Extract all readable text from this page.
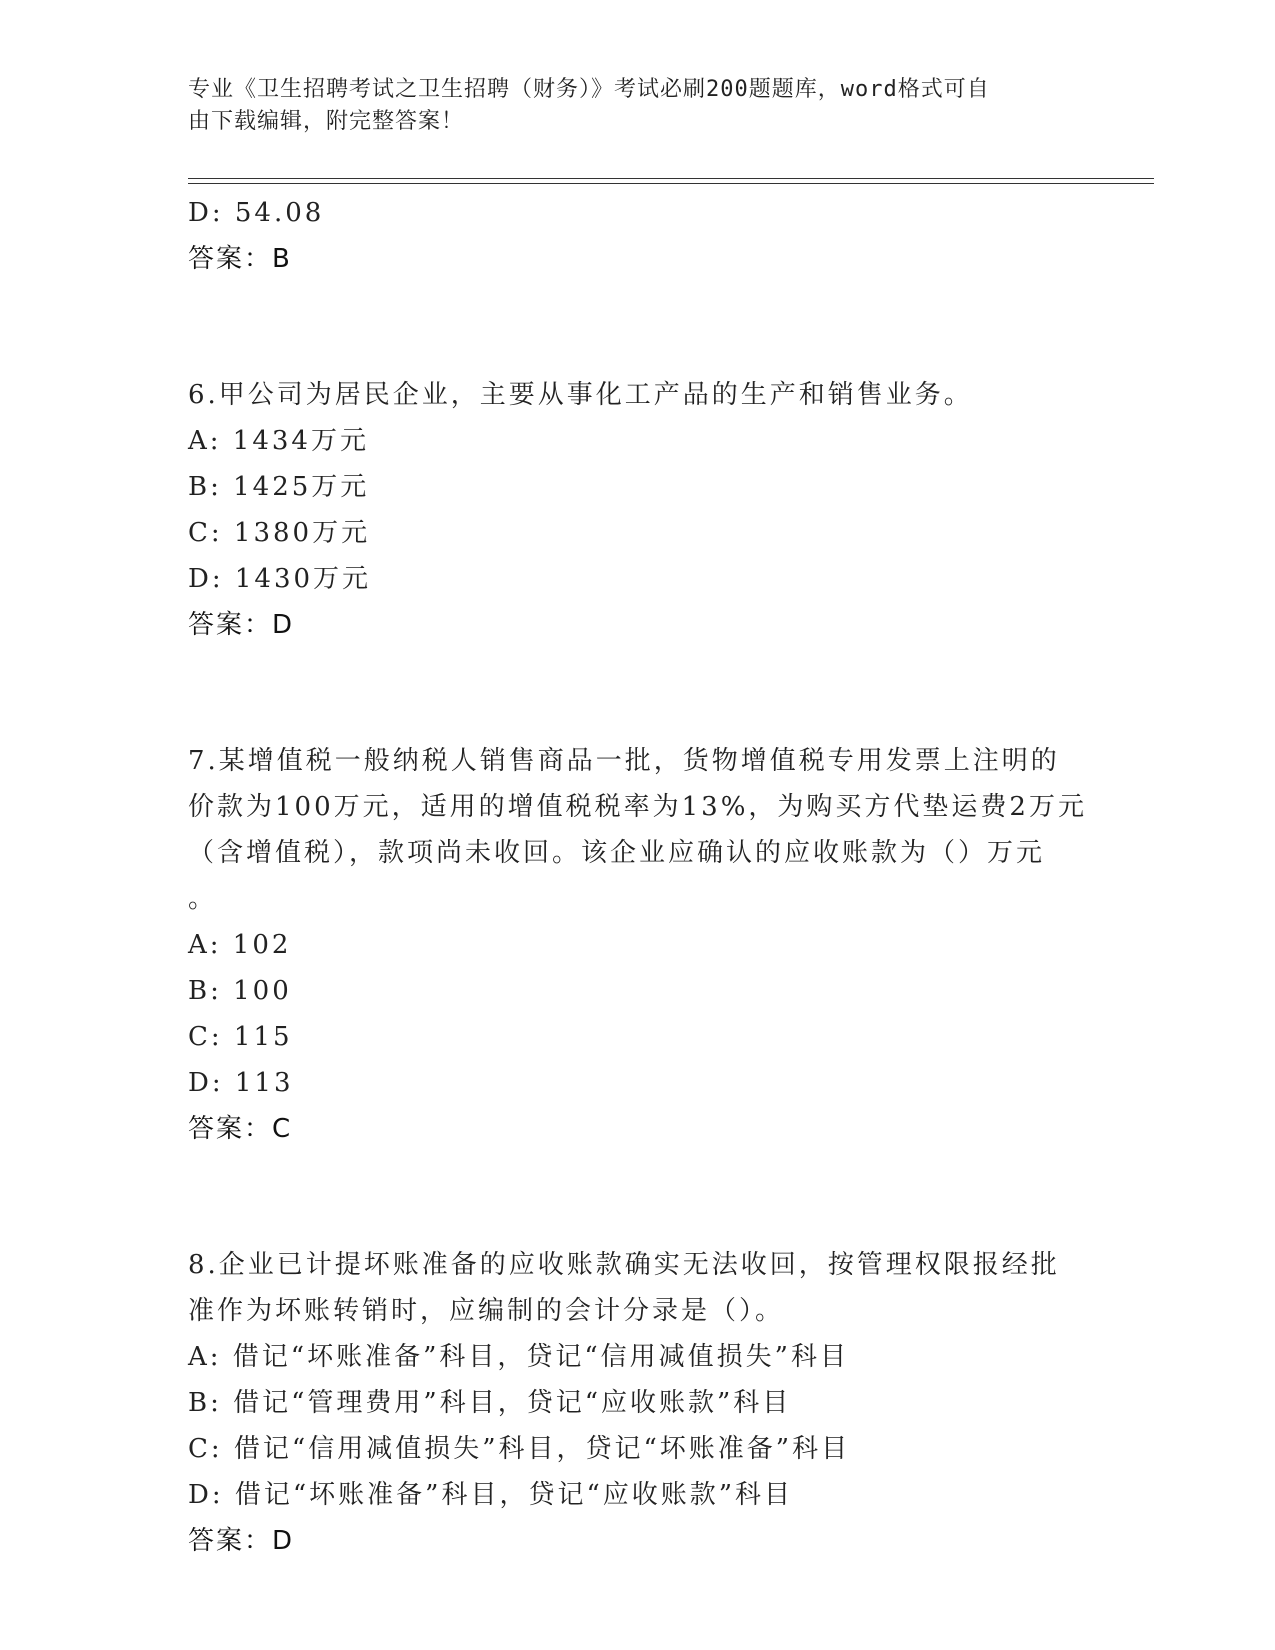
专业《卫生招聘考试之卫生招聘（财务）》考试必刷200题题库，word格式可自
由下载编辑，附完整答案！
D: 54.08
答案：B
6.甲公司为居民企业，主要从事化工产品的生产和销售业务。
A: 1434万元
B: 1425万元
C: 1380万元
D: 1430万元
答案：D
7.某增值税一般纳税人销售商品一批，货物增值税专用发票上注明的
价款为100万元，适用的增值税税率为13%，为购买方代垫运费2万元
（含增值税），款项尚未收回。该企业应确认的应收账款为（）万元
。
A: 102
B: 100
C: 115
D: 113
答案：C
8.企业已计提坏账准备的应收账款确实无法收回，按管理权限报经批
准作为坏账转销时，应编制的会计分录是（）。
A: 借记“坏账准备”科目，贷记“信用减值损失”科目
B: 借记“管理费用”科目，贷记“应收账款”科目
C: 借记“信用减值损失”科目，贷记“坏账准备”科目
D: 借记“坏账准备”科目，贷记“应收账款”科目
答案：D
